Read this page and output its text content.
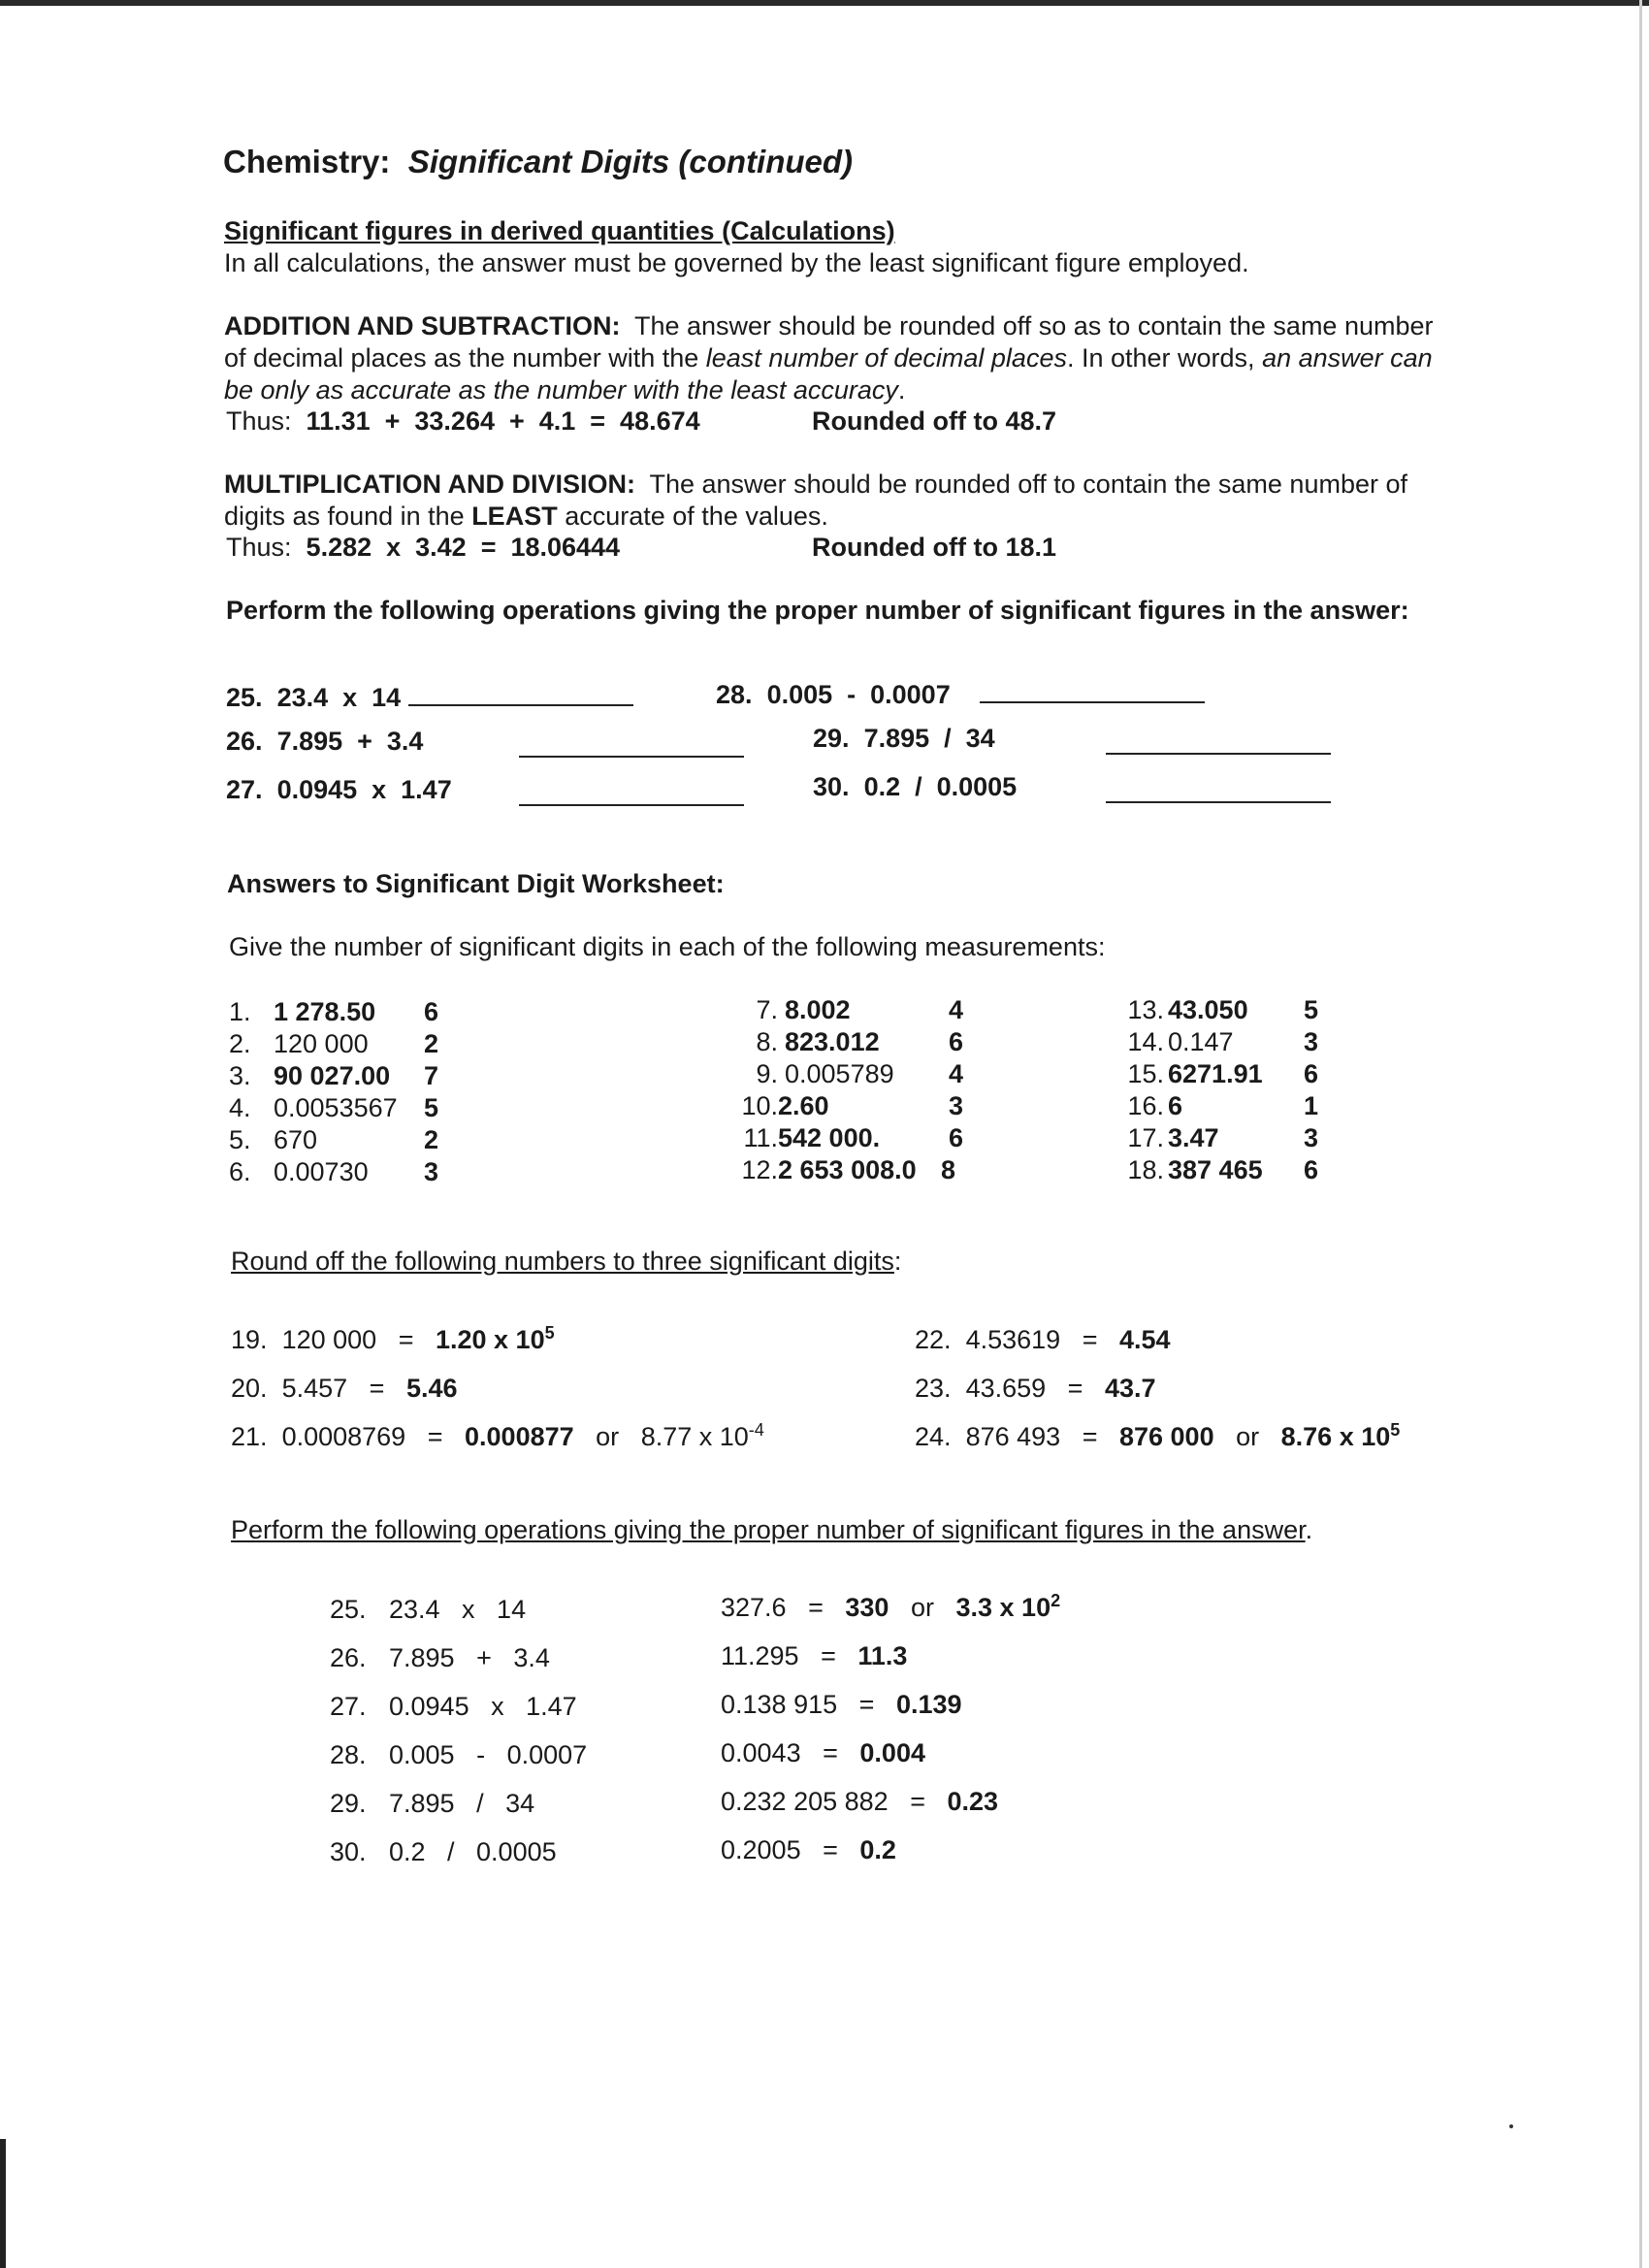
Chemistry: Significant Digits (continued)
Significant figures in derived quantities (Calculations)
In all calculations, the answer must be governed by the least significant figure employed.
ADDITION AND SUBTRACTION: The answer should be rounded off so as to contain the same number
of decimal places as the number with the least number of decimal places. In other words, an answer can
be only as accurate as the number with the least accuracy.
Thus: 11.31  +  33.264  +  4.1  =  48.674	Rounded off to 48.7
MULTIPLICATION AND DIVISION: The answer should be rounded off to contain the same number of
digits as found in the LEAST accurate of the values.
Thus: 5.282  x  3.42  =  18.06444	Rounded off to 18.1
Perform the following operations giving the proper number of significant figures in the answer:
25. 23.4  x  14	28. 0.005  -  0.0007
26. 7.895  +  3.4	29. 7.895  /  34
27. 0.0945  x  1.47	30. 0.2  /  0.0005
Answers to Significant Digit Worksheet:
Give the number of significant digits in each of the following measurements:
1. 1 278.50 6
2. 120 000 2
3. 90 027.00 7
4. 0.0053567 5
5. 670	2
6. 0.00730 3
7. 8.002	4
8. 823.012	6
9. 0.005789 4
10. 2.60	3
11. 542 000.	6
12. 2 653 008.0 8
13. 43.050 5
14. 0.147	3
15. 6271.91 6
16. 6	1
17. 3.47	3
18. 387 465 6
Round off the following numbers to three significant digits:
19. 120 000 = 1.20 x $10^5$
20. 5.457 = 5.46
21. 0.0008769 = 0.000877 or 8.77 x $10^{-4}$
22. 4.53619 = 4.54
23. 43.659 = 43.7
24. 876 493 = 876 000 or 8.76 x $10^5$
Perform the following operations giving the proper number of significant figures in the answer.
25. 23.4   x   14	327.6 = 330 or 3.3 x $10^2$
26. 7.895   +   3.4	11.295 = 11.3
27. 0.0945   x   1.47	0.138 915 = 0.139
28. 0.005   -   0.0007	0.0043 = 0.004
29. 7.895   /   34	0.232 205 882 = 0.23
30. 0.2   /   0.0005	0.2005 = 0.2
